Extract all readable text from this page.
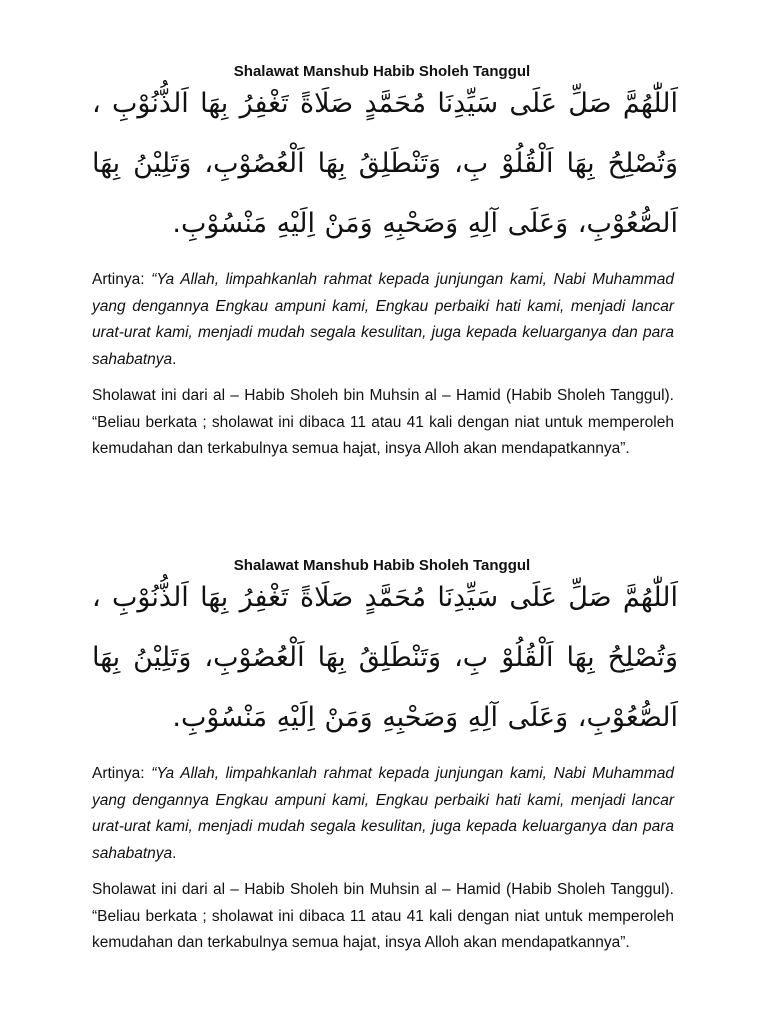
Shalawat Manshub Habib Sholeh Tanggul
اَللّٰهُمَّ صَلِّ عَلَى سَيِّدِنَا مُحَمَّدٍ صَلَاةً تَغْفِرُ بِهَا اَلذُّنُوْبِ ، وَتُصْلِحُ بِهَا اَلْقُلُوْ بِ، وَتَنْطَلِقُ بِهَا اَلْعُصُوْبِ، وَتَلِيْنُ بِهَا اَلصُّعُوْبِ، وَعَلَى آلِهِ وَصَحْبِهِ وَمَنْ اِلَيْهِ مَنْسُوْبِ.

Artinya: “Ya Allah, limpahkanlah rahmat kepada junjungan kami, Nabi Muhammad yang dengannya Engkau ampuni kami, Engkau perbaiki hati kami, menjadi lancar urat-urat kami, menjadi mudah segala kesulitan, juga kepada keluarganya dan para sahabatnya.

Sholawat ini dari al – Habib Sholeh bin Muhsin al – Hamid (Habib Sholeh Tanggul). “Beliau berkata ; sholawat ini dibaca 11 atau 41 kali dengan niat untuk memperoleh kemudahan dan terkabulnya semua hajat, insya Alloh akan mendapatkannya”.

Shalawat Manshub Habib Sholeh Tanggul
اَللّٰهُمَّ صَلِّ عَلَى سَيِّدِنَا مُحَمَّدٍ صَلَاةً تَغْفِرُ بِهَا اَلذُّنُوْبِ ، وَتُصْلِحُ بِهَا اَلْقُلُوْ بِ، وَتَنْطَلِقُ بِهَا اَلْعُصُوْبِ، وَتَلِيْنُ بِهَا اَلصُّعُوْبِ، وَعَلَى آلِهِ وَصَحْبِهِ وَمَنْ اِلَيْهِ مَنْسُوْبِ.

Artinya: “Ya Allah, limpahkanlah rahmat kepada junjungan kami, Nabi Muhammad yang dengannya Engkau ampuni kami, Engkau perbaiki hati kami, menjadi lancar urat-urat kami, menjadi mudah segala kesulitan, juga kepada keluarganya dan para sahabatnya.

Sholawat ini dari al – Habib Sholeh bin Muhsin al – Hamid (Habib Sholeh Tanggul). “Beliau berkata ; sholawat ini dibaca 11 atau 41 kali dengan niat untuk memperoleh kemudahan dan terkabulnya semua hajat, insya Alloh akan mendapatkannya”.
